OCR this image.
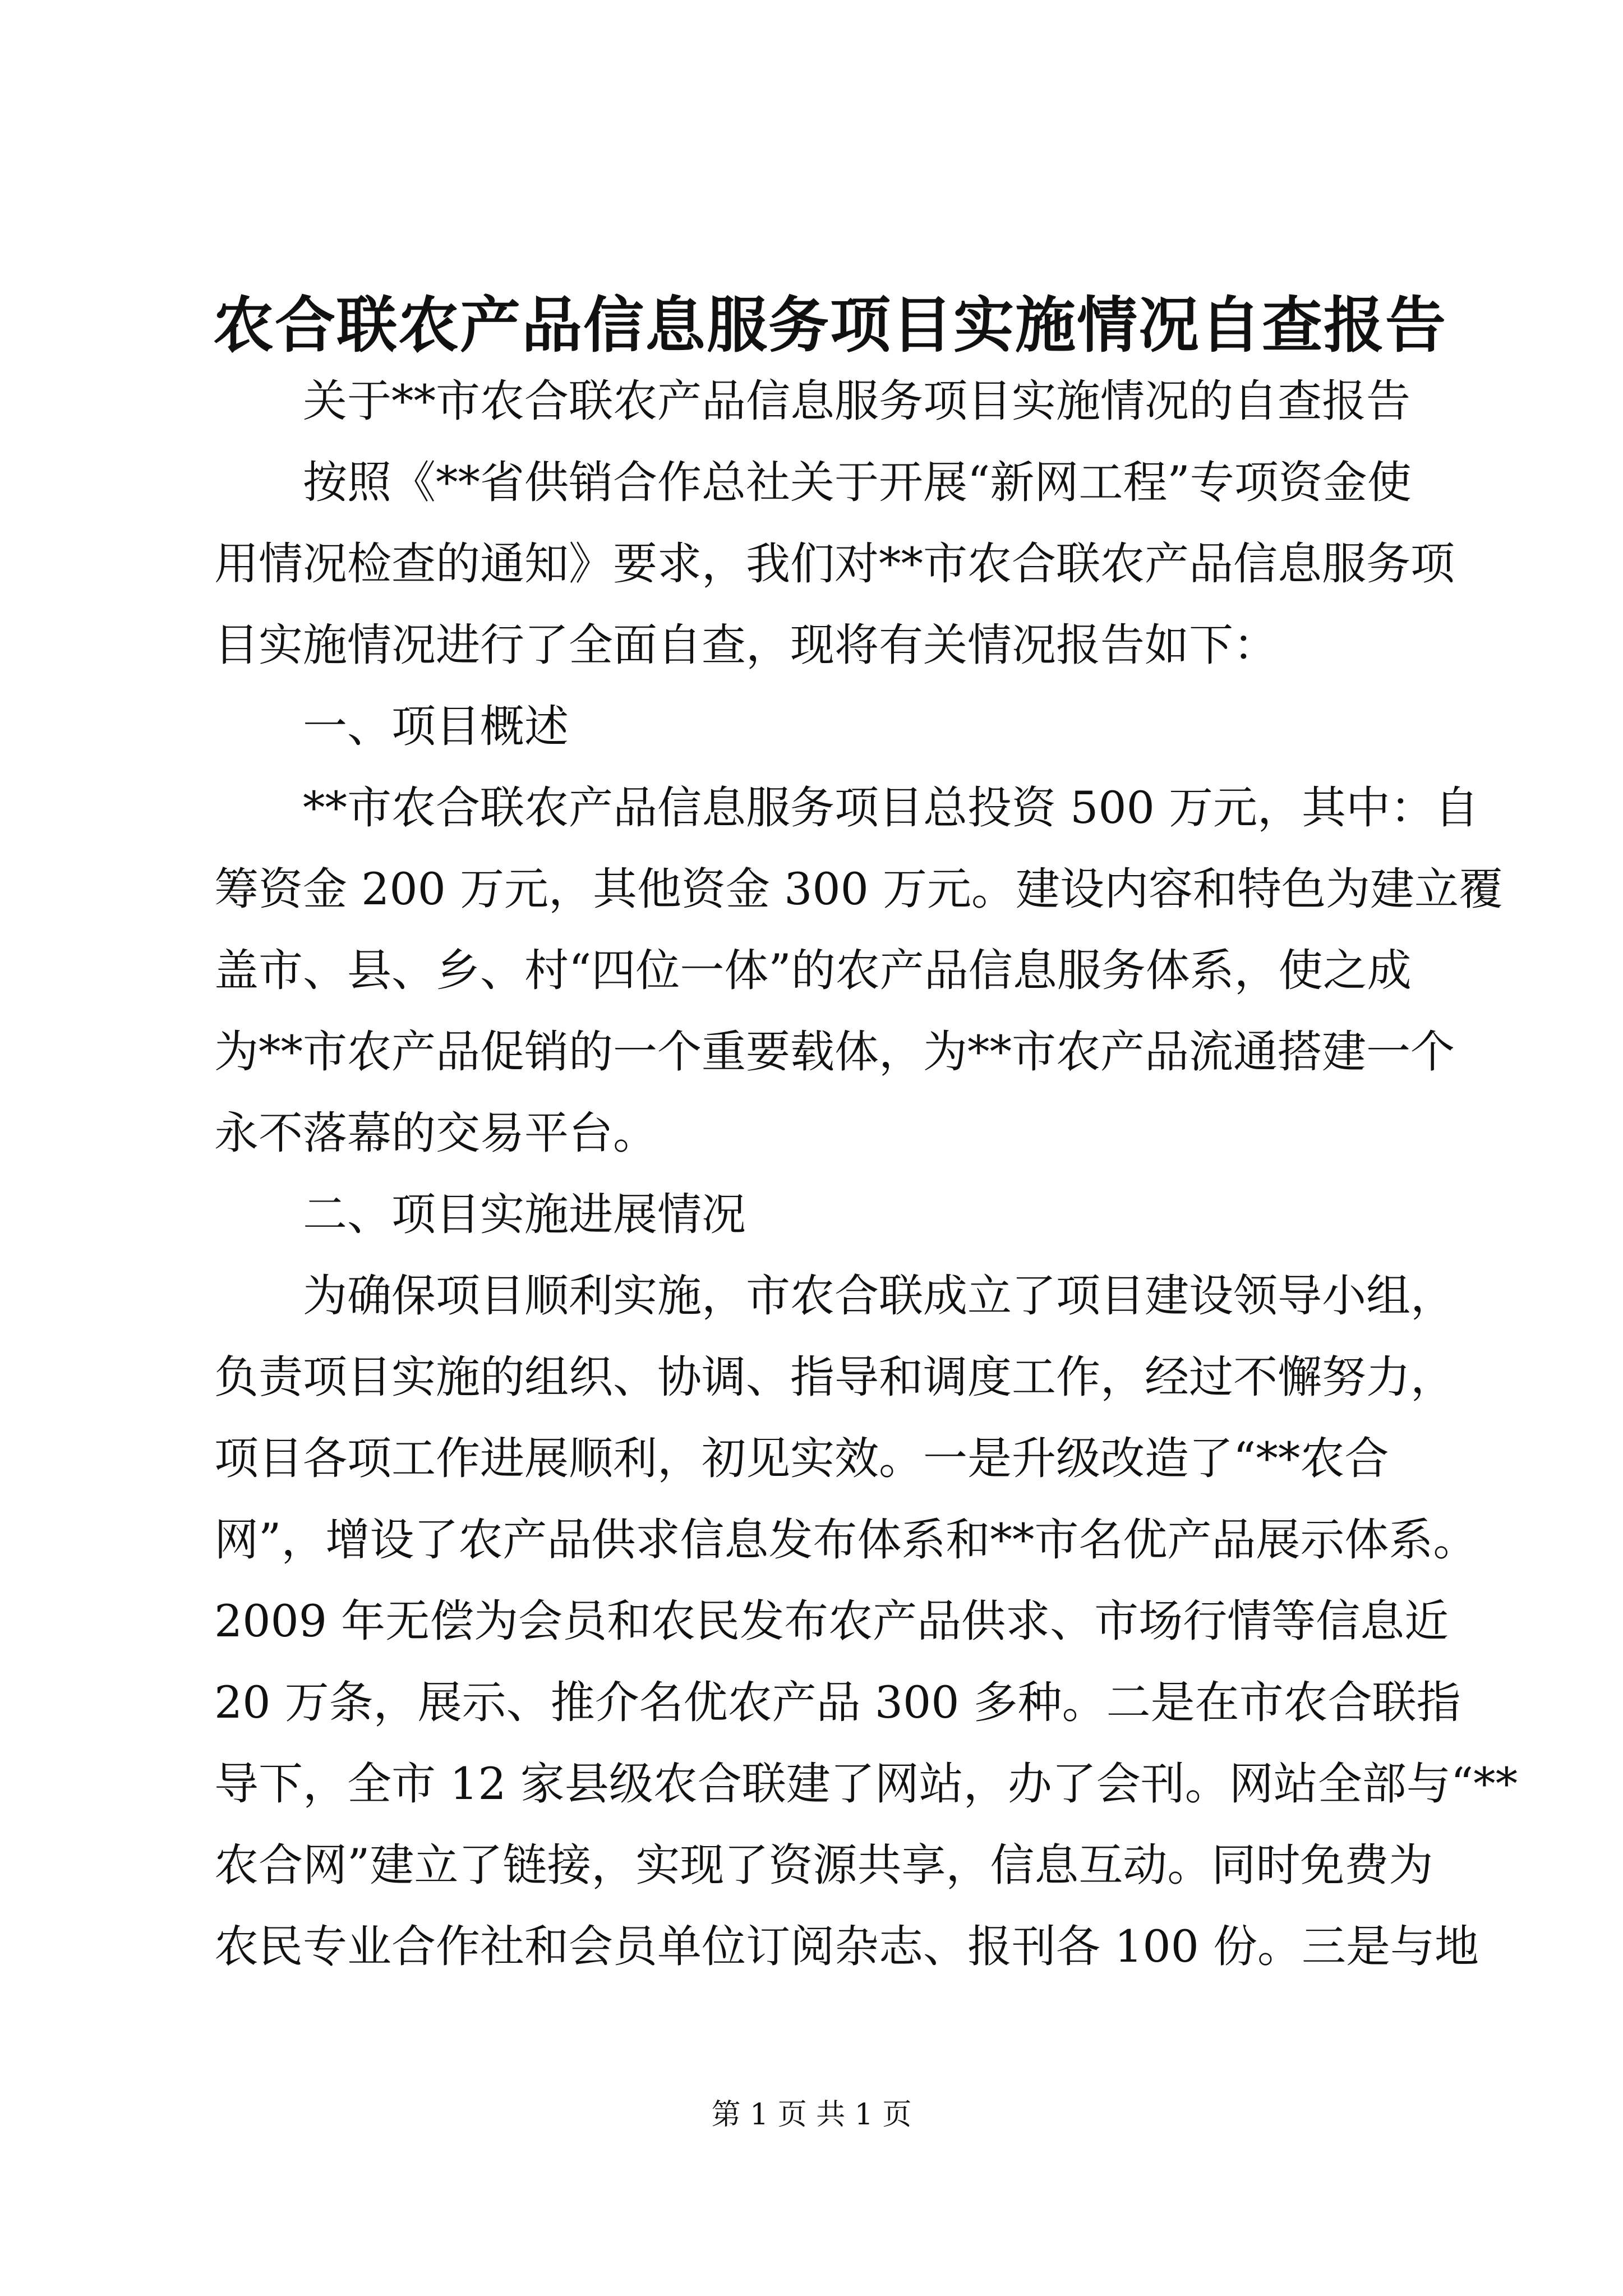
农合联农产品信息服务项目实施情况自查报告
　　关于**市农合联农产品信息服务项目实施情况的自查报告
　　按照《**省供销合作总社关于开展“新网工程”专项资金使
用情况检查的通知》要求，我们对**市农合联农产品信息服务项
目实施情况进行了全面自查，现将有关情况报告如下：
　　一、项目概述
　　**市农合联农产品信息服务项目总投资 500 万元，其中：自
筹资金 200 万元，其他资金 300 万元。建设内容和特色为建立覆
盖市、县、乡、村“四位一体”的农产品信息服务体系，使之成
为**市农产品促销的一个重要载体，为**市农产品流通搭建一个
永不落幕的交易平台。
　　二、项目实施进展情况
　　为确保项目顺利实施，市农合联成立了项目建设领导小组，
负责项目实施的组织、协调、指导和调度工作，经过不懈努力，
项目各项工作进展顺利，初见实效。一是升级改造了“**农合
网”，增设了农产品供求信息发布体系和**市名优产品展示体系。
2009 年无偿为会员和农民发布农产品供求、市场行情等信息近
20 万条，展示、推介名优农产品 300 多种。二是在市农合联指
导下，全市 12 家县级农合联建了网站，办了会刊。网站全部与“**
农合网”建立了链接，实现了资源共享，信息互动。同时免费为
农民专业合作社和会员单位订阅杂志、报刊各 100 份。三是与地
第 1 页 共 1 页
